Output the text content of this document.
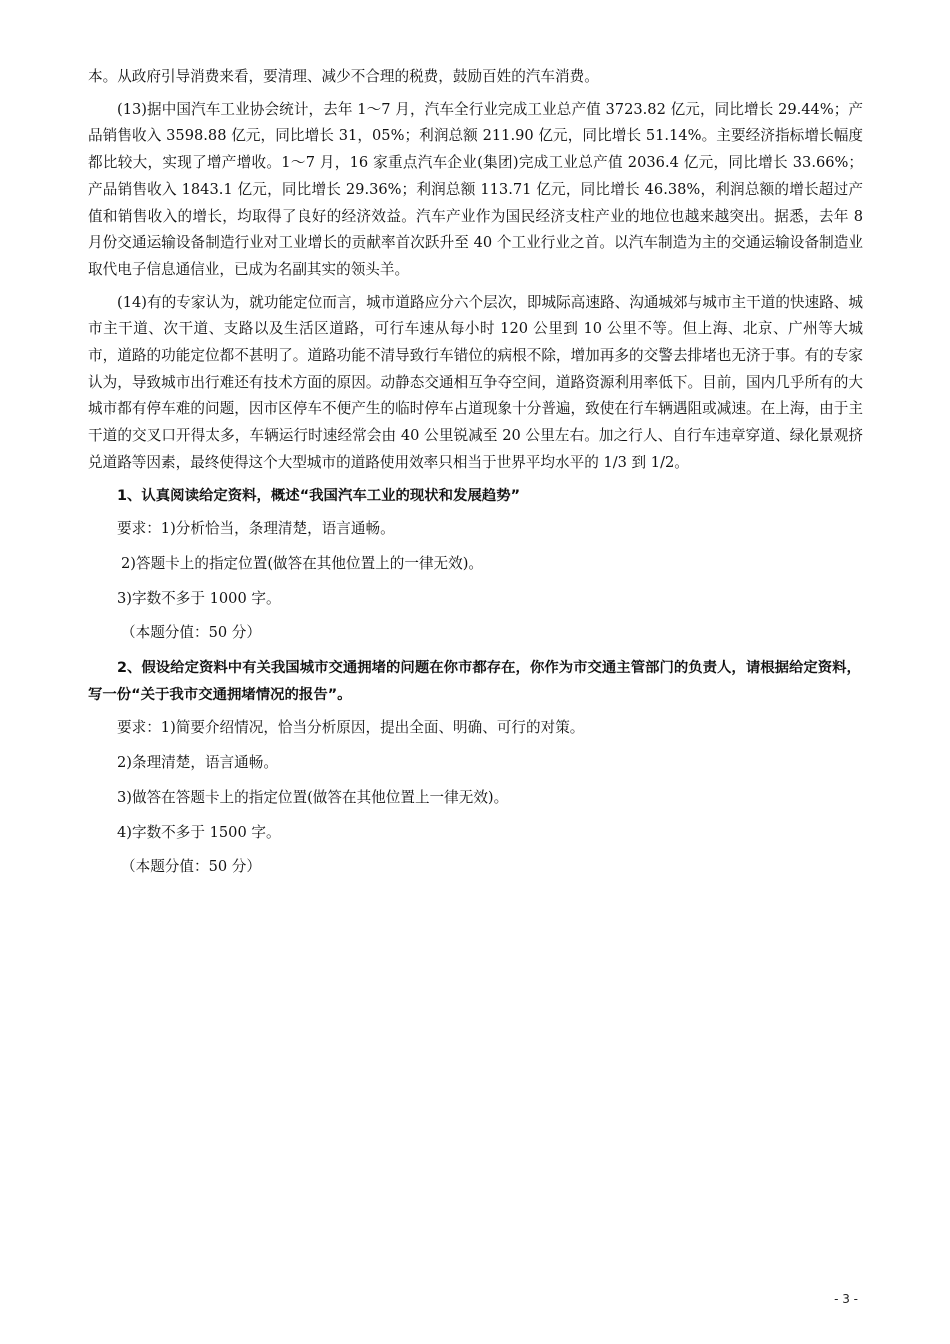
本。从政府引导消费来看，要清理、减少不合理的税费，鼓励百姓的汽车消费。

(13)据中国汽车工业协会统计，去年 1～7 月，汽车全行业完成工业总产值 3723.82 亿元，同比增长 29.44%；产品销售收入 3598.88 亿元，同比增长 31，05%；利润总额 211.90 亿元，同比增长 51.14%。主要经济指标增长幅度都比较大，实现了增产增收。1～7 月，16 家重点汽车企业(集团)完成工业总产值 2036.4 亿元，同比增长 33.66%；产品销售收入 1843.1 亿元，同比增长 29.36%；利润总额 113.71 亿元，同比增长 46.38%，利润总额的增长超过产值和销售收入的增长，均取得了良好的经济效益。汽车产业作为国民经济支柱产业的地位也越来越突出。据悉，去年 8 月份交通运输设备制造行业对工业增长的贡献率首次跃升至 40 个工业行业之首。以汽车制造为主的交通运输设备制造业取代电子信息通信业，已成为名副其实的领头羊。

(14)有的专家认为，就功能定位而言，城市道路应分六个层次，即城际高速路、沟通城郊与城市主干道的快速路、城市主干道、次干道、支路以及生活区道路，可行车速从每小时 120 公里到 10 公里不等。但上海、北京、广州等大城市，道路的功能定位都不甚明了。道路功能不清导致行车错位的病根不除，增加再多的交警去排堵也无济于事。有的专家认为，导致城市出行难还有技术方面的原因。动静态交通相互争夺空间，道路资源利用率低下。目前，国内几乎所有的大城市都有停车难的问题，因市区停车不便产生的临时停车占道现象十分普遍，致使在行车辆遇阻或减速。在上海，由于主干道的交叉口开得太多，车辆运行时速经常会由 40 公里锐减至 20 公里左右。加之行人、自行车违章穿道、绿化景观挤兑道路等因素，最终使得这个大型城市的道路使用效率只相当于世界平均水平的 1/3 到 1/2。

1、认真阅读给定资料，概述“我国汽车工业的现状和发展趋势”

要求：1)分析恰当，条理清楚，语言通畅。

2)答题卡上的指定位置(做答在其他位置上的一律无效)。

3)字数不多于 1000 字。

（本题分值：50 分）

2、假设给定资料中有关我国城市交通拥堵的问题在你市都存在，你作为市交通主管部门的负责人，请根据给定资料，写一份“关于我市交通拥堵情况的报告”。

要求：1)简要介绍情况，恰当分析原因，提出全面、明确、可行的对策。

2)条理清楚，语言通畅。

3)做答在答题卡上的指定位置(做答在其他位置上一律无效)。

4)字数不多于 1500 字。

（本题分值：50 分）

- 3 -
